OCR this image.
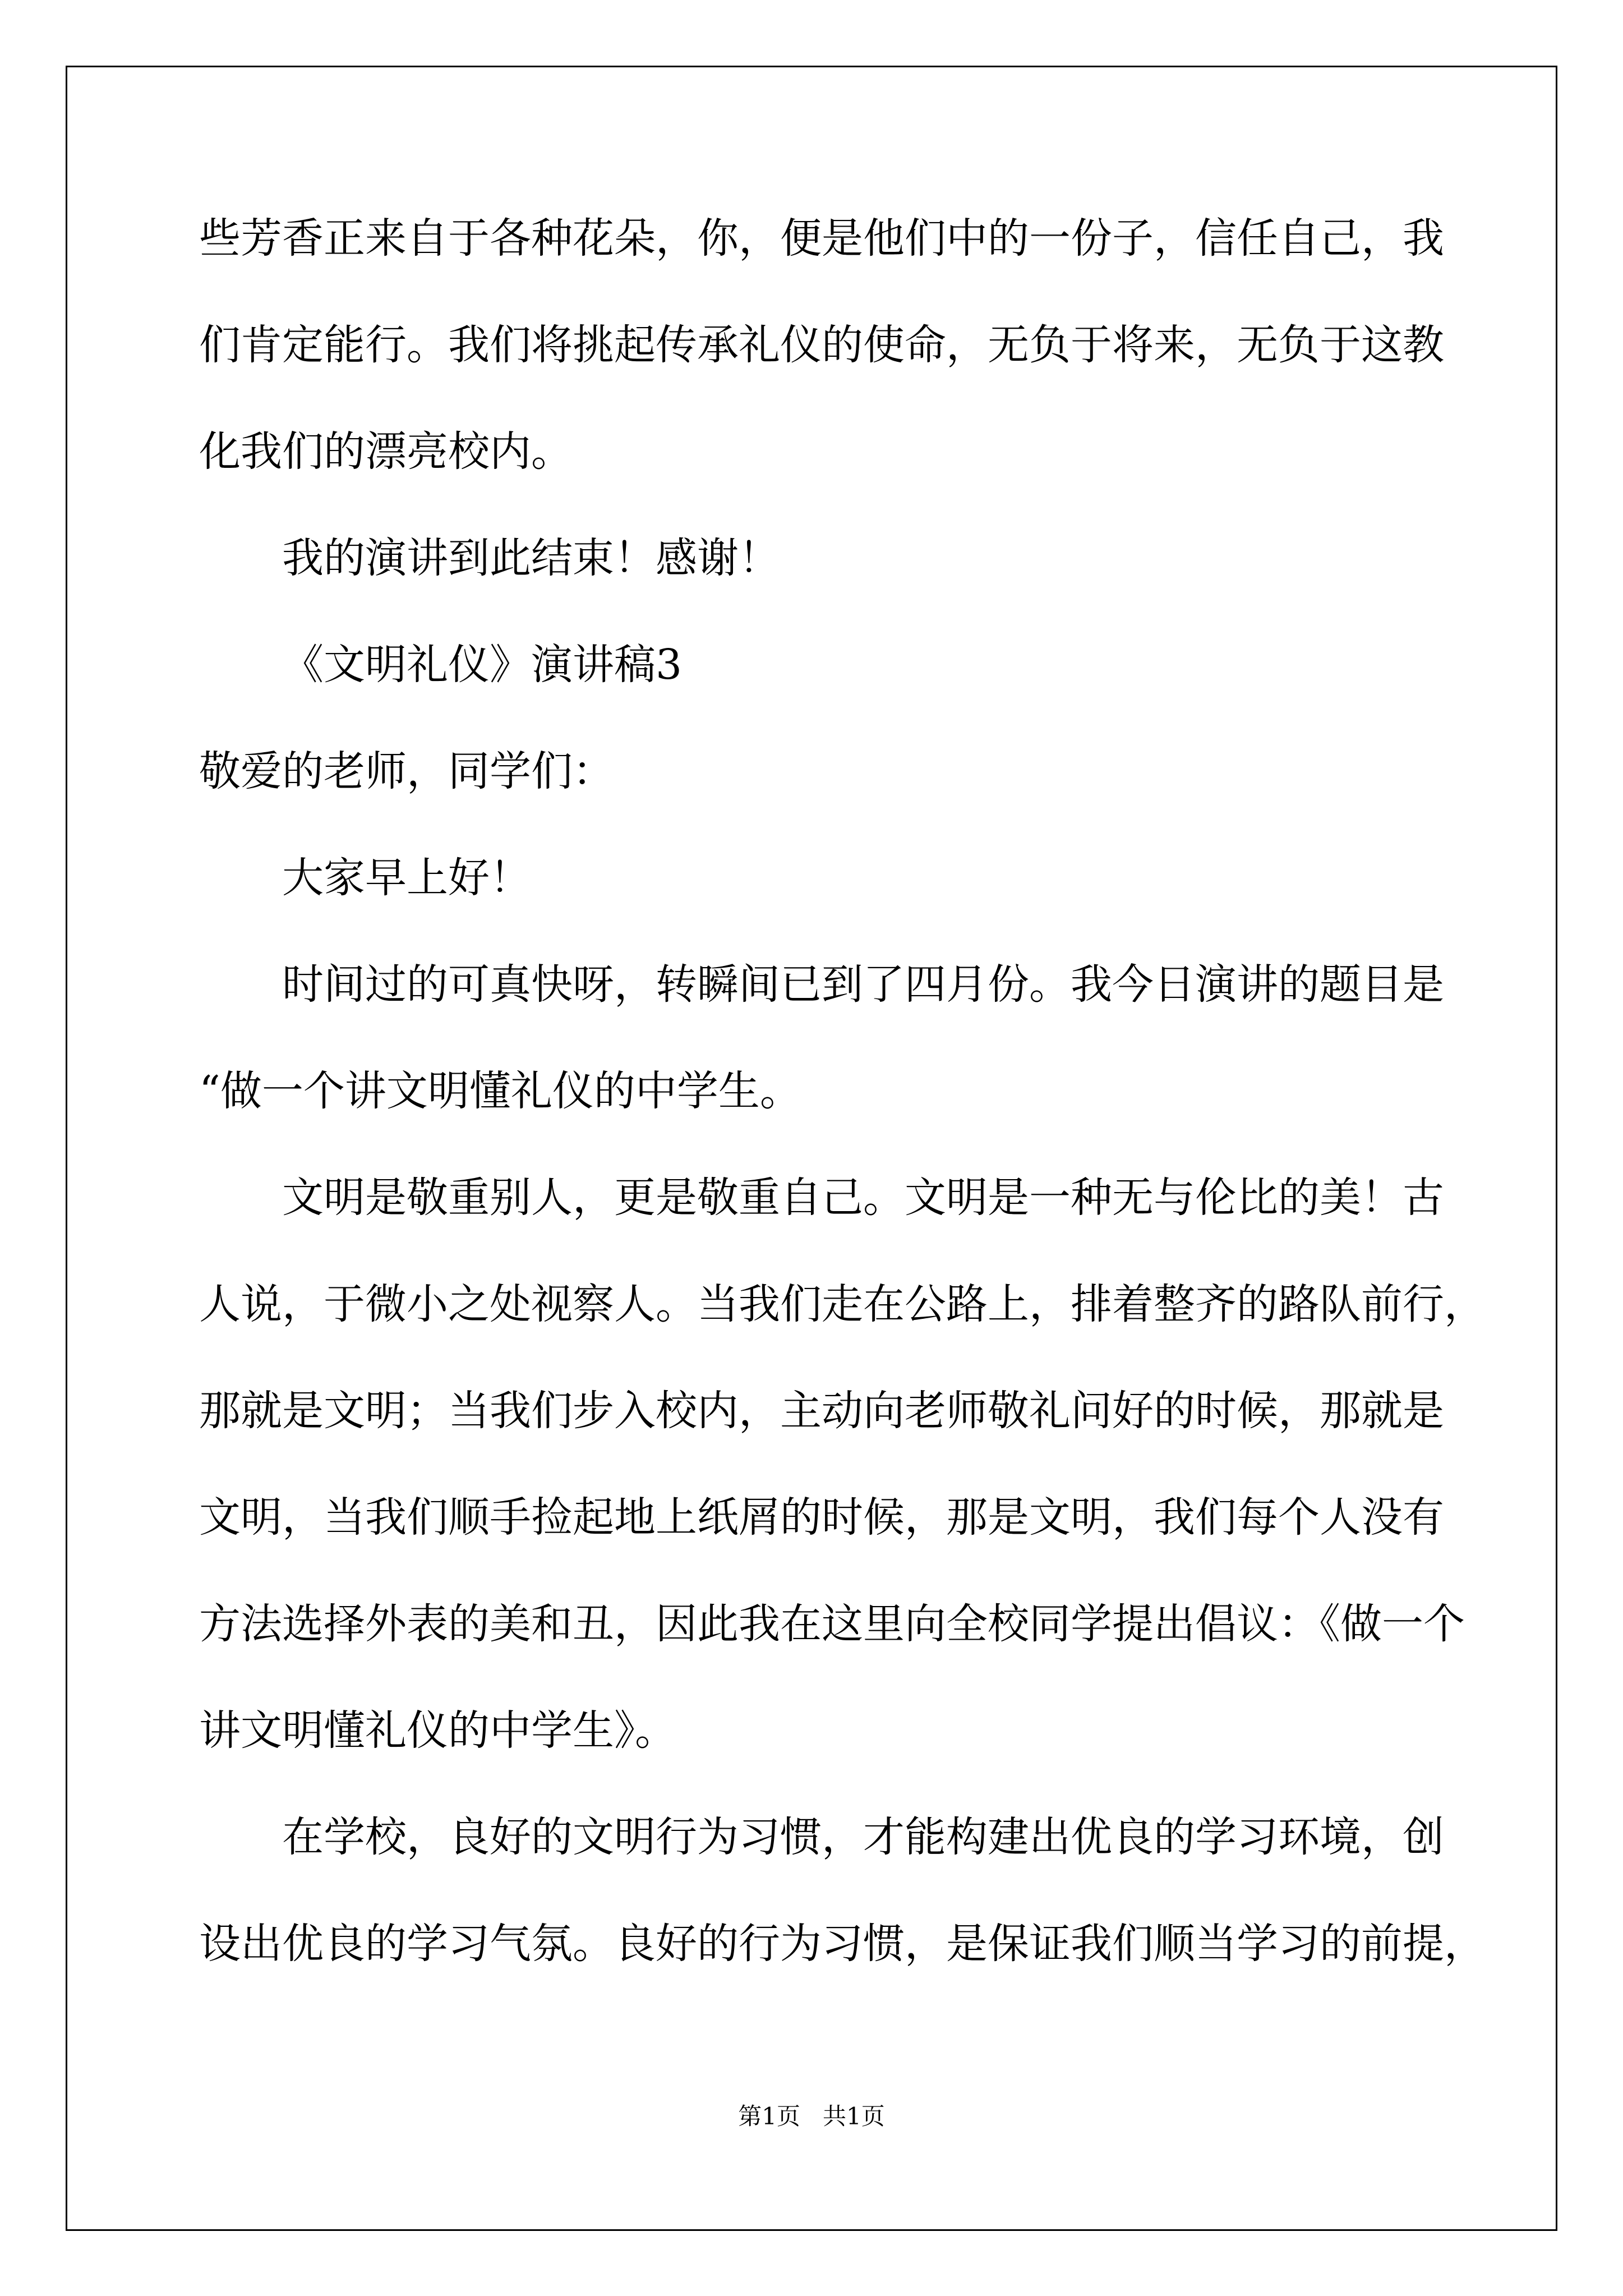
些芳香正来自于各种花朵，你，便是他们中的一份子，信任自己，我
们肯定能行。我们将挑起传承礼仪的使命，无负于将来，无负于这教
化我们的漂亮校内。
我的演讲到此结束！感谢！
《文明礼仪》演讲稿3
敬爱的老师，同学们：
大家早上好！
时间过的可真快呀，转瞬间已到了四月份。我今日演讲的题目是
“做一个讲文明懂礼仪的中学生。
文明是敬重别人，更是敬重自己。文明是一种无与伦比的美！古
人说，于微小之处视察人。当我们走在公路上，排着整齐的路队前行，
那就是文明；当我们步入校内，主动向老师敬礼问好的时候，那就是
文明，当我们顺手捡起地上纸屑的时候，那是文明，我们每个人没有
方法选择外表的美和丑，因此我在这里向全校同学提出倡议：《做一个
讲文明懂礼仪的中学生》。
在学校，良好的文明行为习惯，才能构建出优良的学习环境，创
设出优良的学习气氛。良好的行为习惯，是保证我们顺当学习的前提，
第1页 共1页
